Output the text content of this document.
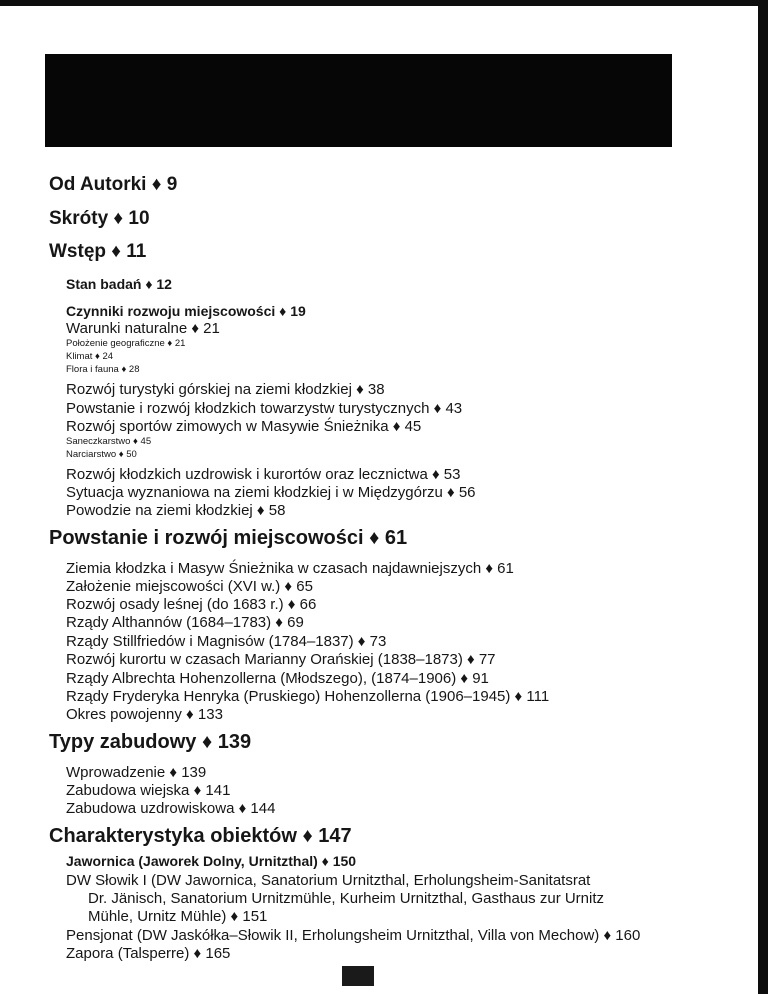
Od Autorki ♦ 9
Skróty ♦ 10
Wstęp ♦ 11
Stan badań ♦ 12
Czynniki rozwoju miejscowości ♦ 19
Warunki naturalne ♦ 21
Położenie geograficzne ♦ 21
Klimat ♦ 24
Flora i fauna ♦ 28
Rozwój turystyki górskiej na ziemi kłodzkiej ♦ 38
Powstanie i rozwój kłodzkich towarzystw turystycznych ♦ 43
Rozwój sportów zimowych w Masywie Śnieżnika ♦ 45
Saneczkarstwo ♦ 45
Narciarstwo ♦ 50
Rozwój kłodzkich uzdrowisk i kurortów oraz lecznictwa ♦ 53
Sytuacja wyznaniowa na ziemi kłodzkiej i w Międzygórzu ♦ 56
Powodzie na ziemi kłodzkiej ♦ 58
Powstanie i rozwój miejscowości ♦ 61
Ziemia kłodzka i Masyw Śnieżnika w czasach najdawniejszych ♦ 61
Założenie miejscowości (XVI w.) ♦ 65
Rozwój osady leśnej (do 1683 r.) ♦ 66
Rządy Althannów (1684–1783) ♦ 69
Rządy Stillfriedów i Magnisów (1784–1837) ♦ 73
Rozwój kurortu w czasach Marianny Orańskiej (1838–1873) ♦ 77
Rządy Albrechta Hohenzollerna (Młodszego), (1874–1906) ♦ 91
Rządy Fryderyka Henryka (Pruskiego) Hohenzollerna (1906–1945) ♦ 111
Okres powojenny ♦ 133
Typy zabudowy ♦ 139
Wprowadzenie ♦ 139
Zabudowa wiejska ♦ 141
Zabudowa uzdrowiskowa ♦ 144
Charakterystyka obiektów ♦ 147
Jawornica (Jaworek Dolny, Urnitzthal) ♦ 150
DW Słowik I (DW Jawornica, Sanatorium Urnitzthal, Erholungsheim-Sanitatsrat
Dr. Jänisch, Sanatorium Urnitzmühle, Kurheim Urnitzthal, Gasthaus zur Urnitz
Mühle, Urnitz Mühle) ♦ 151
Pensjonat (DW Jaskółka–Słowik II, Erholungsheim Urnitzthal, Villa von Mechow) ♦ 160
Zapora (Talsperre) ♦ 165
